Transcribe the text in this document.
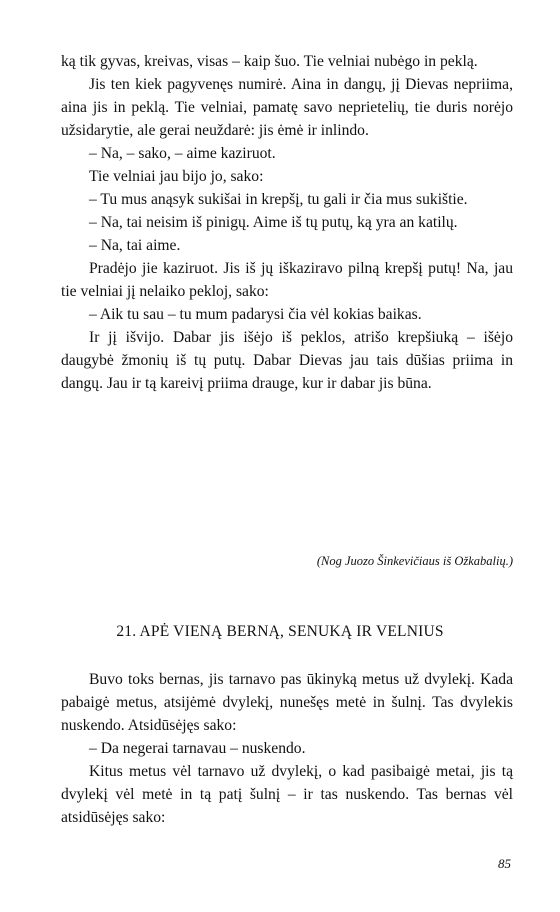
ką tik gyvas, kreivas, visas – kaip šuo. Tie velniai nubėgo in peklą.

Jis ten kiek pagyvenęs numirė. Aina in dangų, jį Dievas nepriima, aina jis in peklą. Tie velniai, pamatę savo neprietelių, tie duris norėjo užsidarytie, ale gerai neuždarė: jis ėmė ir inlindo.

– Na, – sako, – aime kaziruot.

Tie velniai jau bijo jo, sako:

– Tu mus anąsyk sukišai in krepšį, tu gali ir čia mus sukištie.

– Na, tai neisim iš pinigų. Aime iš tų putų, ką yra an katilų.

– Na, tai aime.

Pradėjo jie kaziruot. Jis iš jų iškaziravo pilną krepšį putų! Na, jau tie velniai jį nelaiko pekloj, sako:

– Aik tu sau – tu mum padarysi čia vėl kokias baikas.

Ir jį išvijo. Dabar jis išėjo iš peklos, atrišo krepšiuką – išėjo daugybė žmonių iš tų putų. Dabar Dievas jau tais dūšias priima in dangų. Jau ir tą kareivį priima drauge, kur ir dabar jis būna.

(Nog Juozo Šinkevičiaus iš Ožkabalių.)
21. APĖ VIENĄ BERNĄ, SENUKĄ IR VELNIUS

Buvo toks bernas, jis tarnavo pas ūkinyką metus už dvylekį. Kada pabaigė metus, atsijėmė dvylekį, nunešęs metė in šulnį. Tas dvylekis nuskendo. Atsidūsėjęs sako:

– Da negerai tarnavau – nuskendo.

Kitus metus vėl tarnavo už dvylekį, o kad pasibaigė metai, jis tą dvylekį vėl metė in tą patį šulnį – ir tas nuskendo. Tas bernas vėl atsidūsėjęs sako:

85
